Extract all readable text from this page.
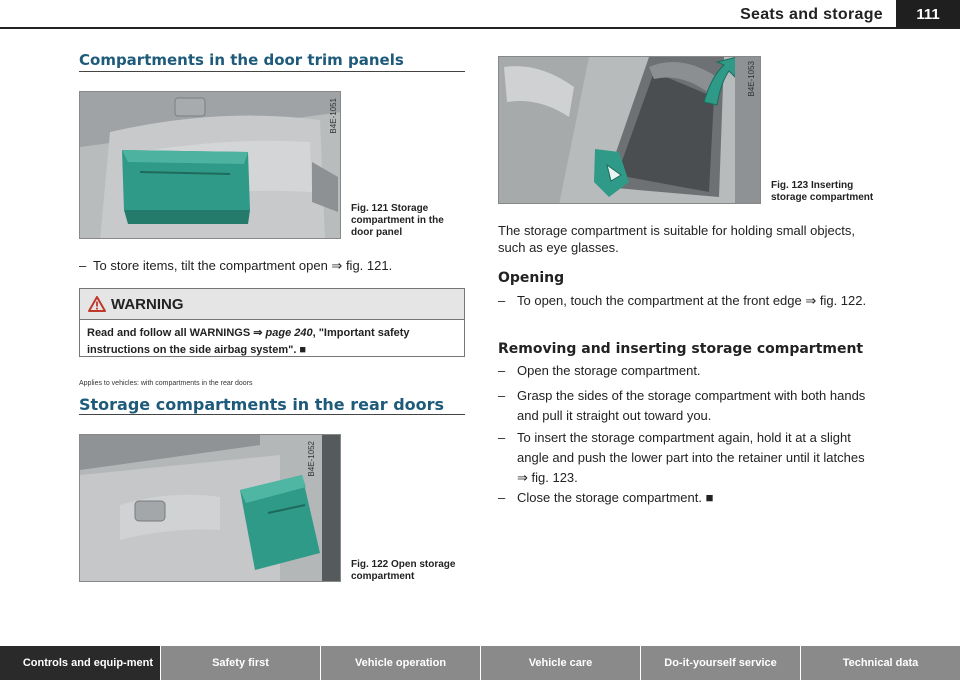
Seats and storage	111
Compartments in the door trim panels
B4E-1051
Fig. 121 Storage compartment in the door panel
– To store items, tilt the compartment open ⇒ fig. 121.
WARNING
Read and follow all WARNINGS ⇒ page 240, "Important safety instructions on the side airbag system". ■
Applies to vehicles: with compartments in the rear doors
Storage compartments in the rear doors
B4E-1052
Fig. 122 Open storage compartment
B4E-1053
Fig. 123 Inserting storage compartment
The storage compartment is suitable for holding small objects, such as eye glasses.
Opening
– To open, touch the compartment at the front edge ⇒ fig. 122.
Removing and inserting storage compartment
– Open the storage compartment.
– Grasp the sides of the storage compartment with both hands and pull it straight out toward you.
– To insert the storage compartment again, hold it at a slight angle and push the lower part into the retainer until it latches ⇒ fig. 123.
– Close the storage compartment. ■
Controls and equip-ment	Safety first	Vehicle operation	Vehicle care	Do-it-yourself service	Technical data
